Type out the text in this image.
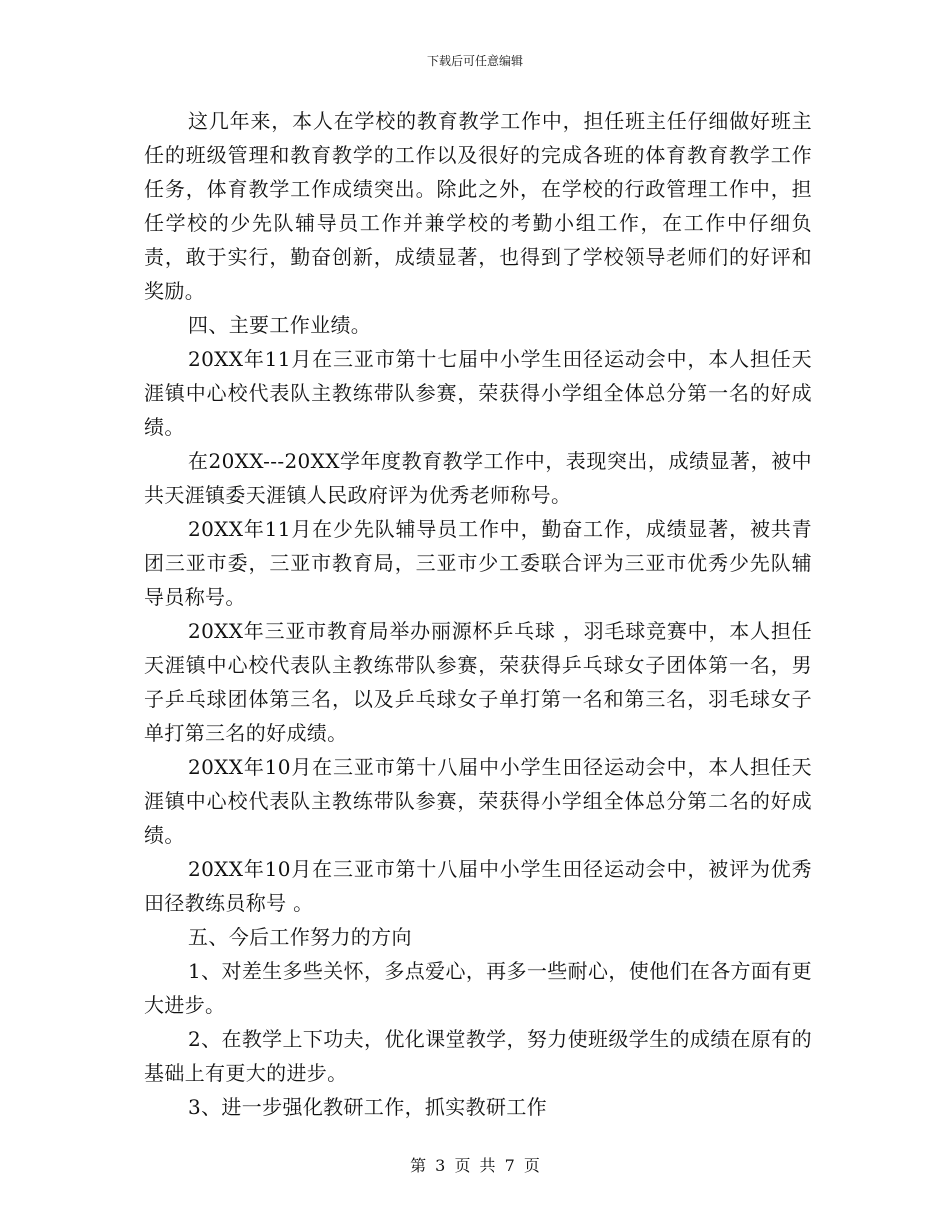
下载后可任意编辑

这几年来，本人在学校的教育教学工作中，担任班主任仔细做好班主任的班级管理和教育教学的工作以及很好的完成各班的体育教育教学工作任务，体育教学工作成绩突出。除此之外，在学校的行政管理工作中，担任学校的少先队辅导员工作并兼学校的考勤小组工作，在工作中仔细负责，敢于实行，勤奋创新，成绩显著，也得到了学校领导老师们的好评和奖励。

四、主要工作业绩。

20XX年11月在三亚市第十七届中小学生田径运动会中，本人担任天涯镇中心校代表队主教练带队参赛，荣获得小学组全体总分第一名的好成绩。

在20XX---20XX学年度教育教学工作中，表现突出，成绩显著，被中共天涯镇委天涯镇人民政府评为优秀老师称号。

20XX年11月在少先队辅导员工作中，勤奋工作，成绩显著，被共青团三亚市委，三亚市教育局，三亚市少工委联合评为三亚市优秀少先队辅导员称号。

20XX年三亚市教育局举办丽源杯乒乓球 ，羽毛球竞赛中，本人担任天涯镇中心校代表队主教练带队参赛，荣获得乒乓球女子团体第一名，男子乒乓球团体第三名，以及乒乓球女子单打第一名和第三名，羽毛球女子单打第三名的好成绩。

20XX年10月在三亚市第十八届中小学生田径运动会中，本人担任天涯镇中心校代表队主教练带队参赛，荣获得小学组全体总分第二名的好成绩。

20XX年10月在三亚市第十八届中小学生田径运动会中，被评为优秀田径教练员称号 。

五、今后工作努力的方向

1、对差生多些关怀，多点爱心，再多一些耐心，使他们在各方面有更大进步。

2、在教学上下功夫，优化课堂教学，努力使班级学生的成绩在原有的基础上有更大的进步。

3、进一步强化教研工作，抓实教研工作

第 3 页 共 7 页
